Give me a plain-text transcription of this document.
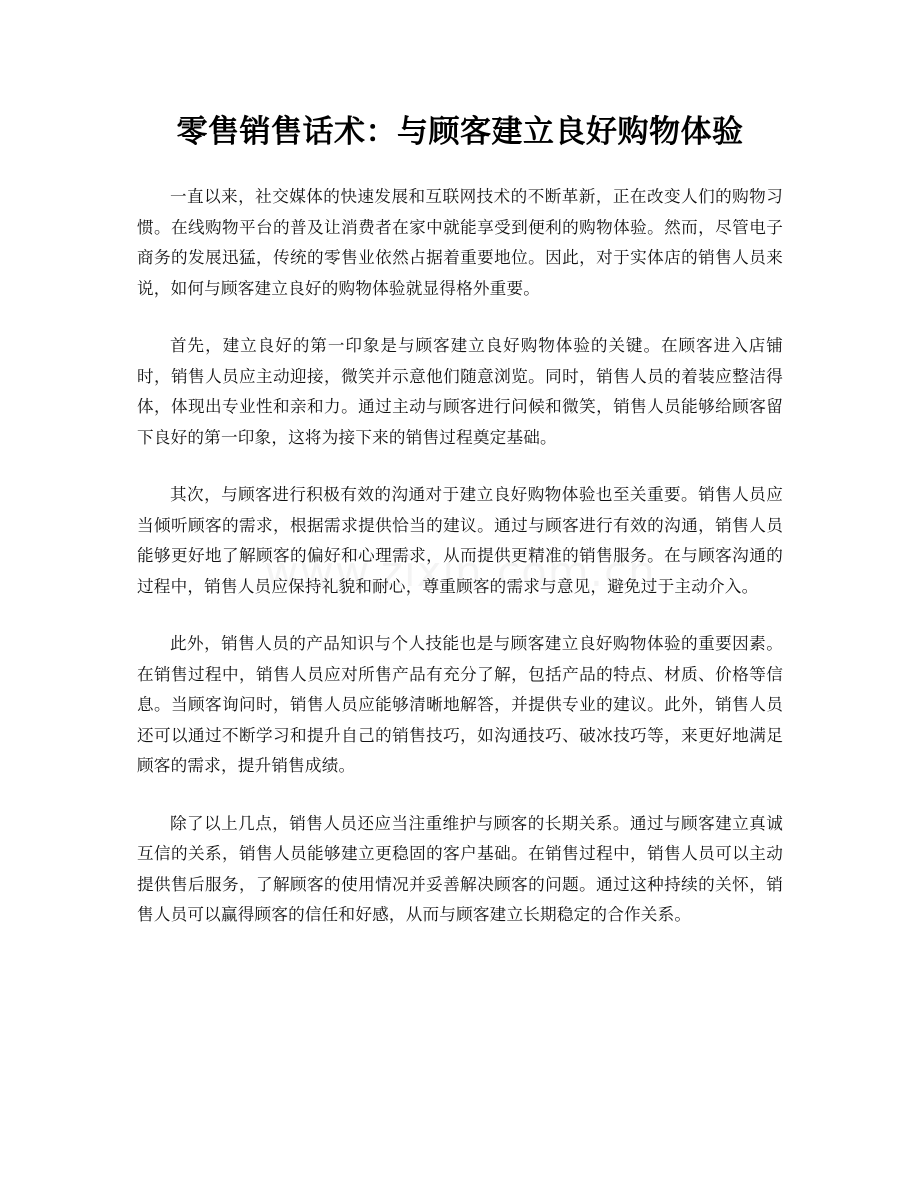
零售销售话术：与顾客建立良好购物体验

一直以来，社交媒体的快速发展和互联网技术的不断革新，正在改变人们的购物习惯。在线购物平台的普及让消费者在家中就能享受到便利的购物体验。然而，尽管电子商务的发展迅猛，传统的零售业依然占据着重要地位。因此，对于实体店的销售人员来说，如何与顾客建立良好的购物体验就显得格外重要。

首先，建立良好的第一印象是与顾客建立良好购物体验的关键。在顾客进入店铺时，销售人员应主动迎接，微笑并示意他们随意浏览。同时，销售人员的着装应整洁得体，体现出专业性和亲和力。通过主动与顾客进行问候和微笑，销售人员能够给顾客留下良好的第一印象，这将为接下来的销售过程奠定基础。

其次，与顾客进行积极有效的沟通对于建立良好购物体验也至关重要。销售人员应当倾听顾客的需求，根据需求提供恰当的建议。通过与顾客进行有效的沟通，销售人员能够更好地了解顾客的偏好和心理需求，从而提供更精准的销售服务。在与顾客沟通的过程中，销售人员应保持礼貌和耐心，尊重顾客的需求与意见，避免过于主动介入。

此外，销售人员的产品知识与个人技能也是与顾客建立良好购物体验的重要因素。在销售过程中，销售人员应对所售产品有充分了解，包括产品的特点、材质、价格等信息。当顾客询问时，销售人员应能够清晰地解答，并提供专业的建议。此外，销售人员还可以通过不断学习和提升自己的销售技巧，如沟通技巧、破冰技巧等，来更好地满足顾客的需求，提升销售成绩。

除了以上几点，销售人员还应当注重维护与顾客的长期关系。通过与顾客建立真诚互信的关系，销售人员能够建立更稳固的客户基础。在销售过程中，销售人员可以主动提供售后服务，了解顾客的使用情况并妥善解决顾客的问题。通过这种持续的关怀，销售人员可以赢得顾客的信任和好感，从而与顾客建立长期稳定的合作关系。
